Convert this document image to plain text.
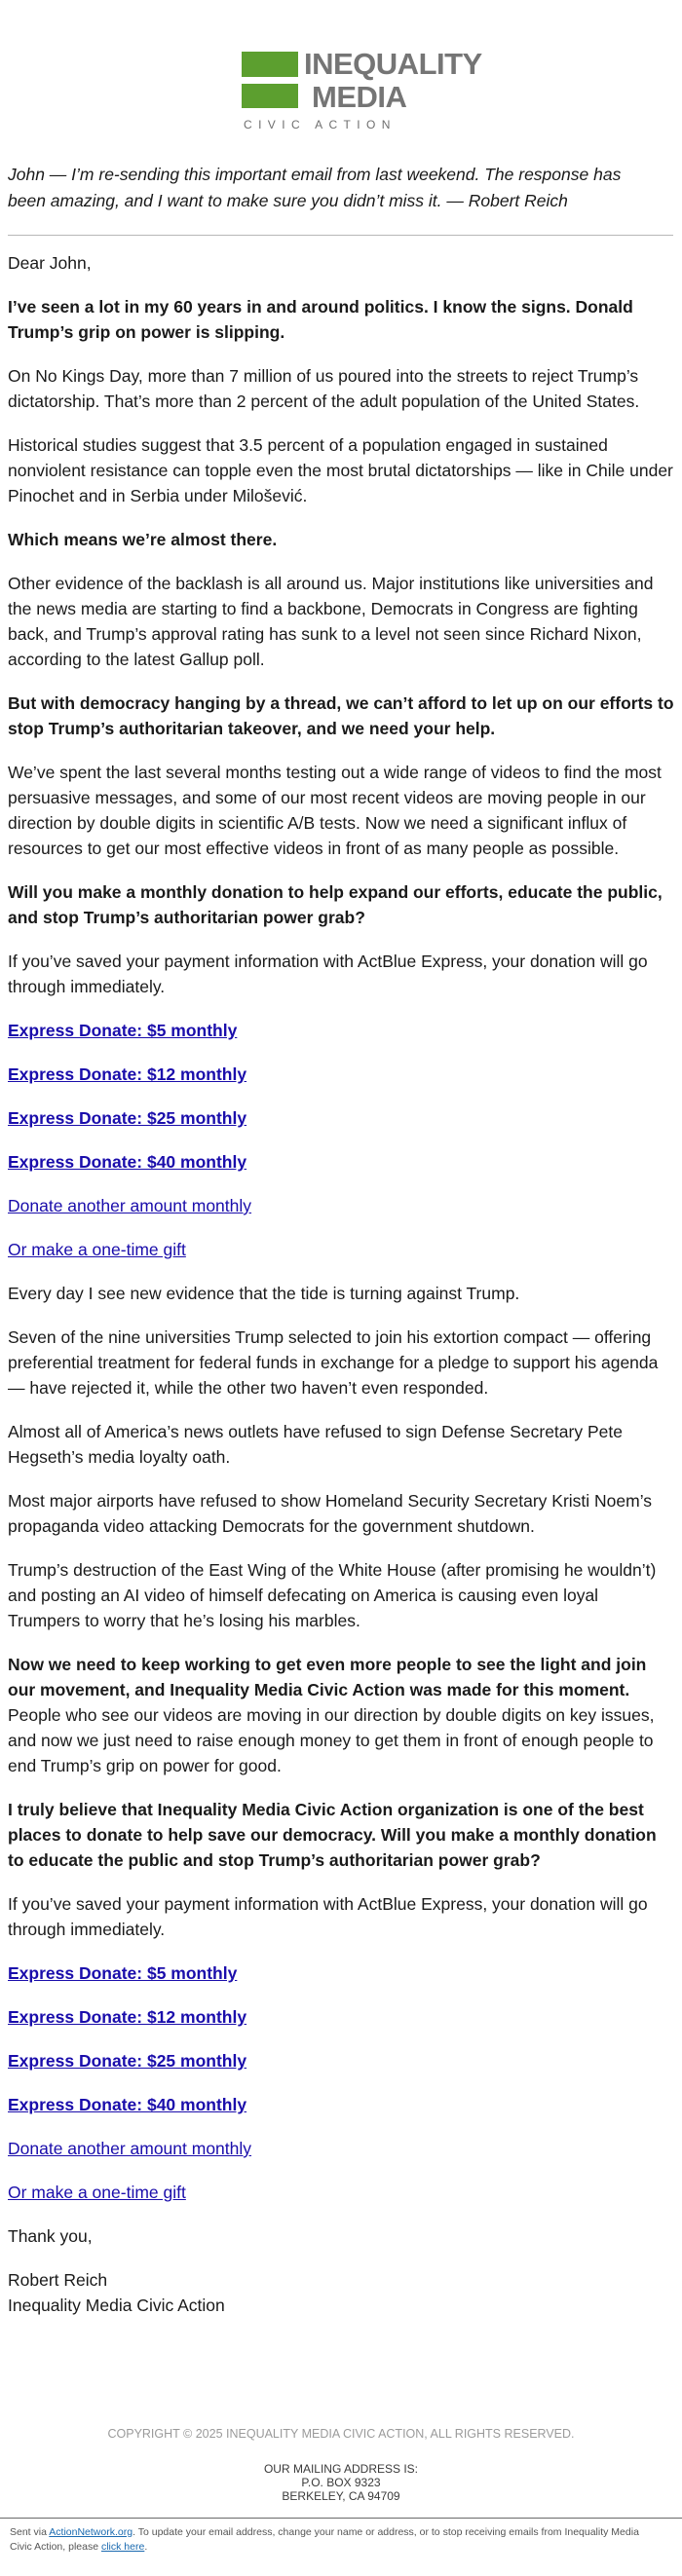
INEQUALITY
MEDIA
CIVIC ACTION
John — I’m re-sending this important email from last weekend. The response has been amazing, and I want to make sure you didn’t miss it. — Robert Reich

Dear John,

I’ve seen a lot in my 60 years in and around politics. I know the signs. Donald Trump’s grip on power is slipping.

On No Kings Day, more than 7 million of us poured into the streets to reject Trump’s dictatorship. That’s more than 2 percent of the adult population of the United States.

Historical studies suggest that 3.5 percent of a population engaged in sustained nonviolent resistance can topple even the most brutal dictatorships — like in Chile under Pinochet and in Serbia under Milošević.

Which means we’re almost there.

Other evidence of the backlash is all around us. Major institutions like universities and the news media are starting to find a backbone, Democrats in Congress are fighting back, and Trump’s approval rating has sunk to a level not seen since Richard Nixon, according to the latest Gallup poll.

But with democracy hanging by a thread, we can’t afford to let up on our efforts to stop Trump’s authoritarian takeover, and we need your help.

We’ve spent the last several months testing out a wide range of videos to find the most persuasive messages, and some of our most recent videos are moving people in our direction by double digits in scientific A/B tests. Now we need a significant influx of resources to get our most effective videos in front of as many people as possible.

Will you make a monthly donation to help expand our efforts, educate the public, and stop Trump’s authoritarian power grab?

If you’ve saved your payment information with ActBlue Express, your donation will go through immediately.

Express Donate: $5 monthly

Express Donate: $12 monthly

Express Donate: $25 monthly

Express Donate: $40 monthly

Donate another amount monthly

Or make a one-time gift

Every day I see new evidence that the tide is turning against Trump.

Seven of the nine universities Trump selected to join his extortion compact — offering preferential treatment for federal funds in exchange for a pledge to support his agenda — have rejected it, while the other two haven’t even responded.

Almost all of America’s news outlets have refused to sign Defense Secretary Pete Hegseth’s media loyalty oath.

Most major airports have refused to show Homeland Security Secretary Kristi Noem’s propaganda video attacking Democrats for the government shutdown.

Trump’s destruction of the East Wing of the White House (after promising he wouldn’t) and posting an AI video of himself defecating on America is causing even loyal Trumpers to worry that he’s losing his marbles.

Now we need to keep working to get even more people to see the light and join our movement, and Inequality Media Civic Action was made for this moment. People who see our videos are moving in our direction by double digits on key issues, and now we just need to raise enough money to get them in front of enough people to end Trump’s grip on power for good.

I truly believe that Inequality Media Civic Action organization is one of the best places to donate to help save our democracy. Will you make a monthly donation to educate the public and stop Trump’s authoritarian power grab?

If you’ve saved your payment information with ActBlue Express, your donation will go through immediately.

Express Donate: $5 monthly

Express Donate: $12 monthly

Express Donate: $25 monthly

Express Donate: $40 monthly

Donate another amount monthly

Or make a one-time gift

Thank you,

Robert Reich
Inequality Media Civic Action

COPYRIGHT © 2025 INEQUALITY MEDIA CIVIC ACTION, ALL RIGHTS RESERVED.
OUR MAILING ADDRESS IS:
P.O. BOX 9323
BERKELEY, CA 94709
Sent via ActionNetwork.org. To update your email address, change your name or address, or to stop receiving emails from Inequality Media Civic Action, please click here.
